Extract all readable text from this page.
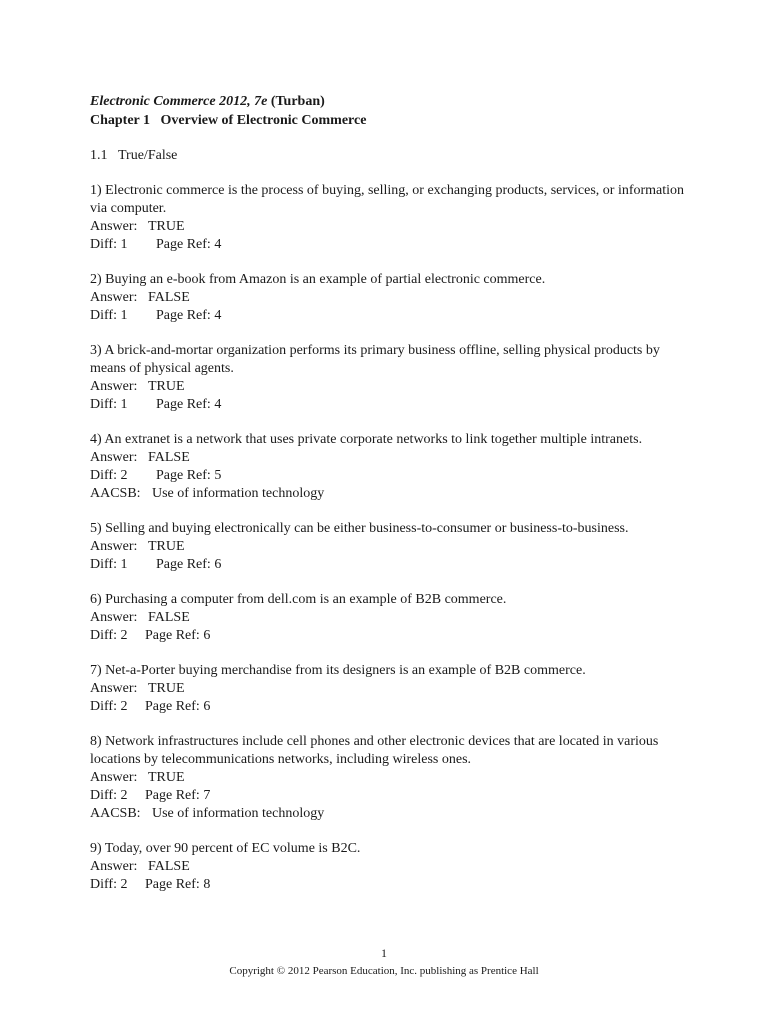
Electronic Commerce 2012, 7e (Turban)
Chapter 1   Overview of Electronic Commerce
1.1 True/False
1) Electronic commerce is the process of buying, selling, or exchanging products, services, or information via computer.
Answer: TRUE
Diff: 1 Page Ref: 4
2) Buying an e-book from Amazon is an example of partial electronic commerce.
Answer: FALSE
Diff: 1 Page Ref: 4
3) A brick-and-mortar organization performs its primary business offline, selling physical products by means of physical agents.
Answer: TRUE
Diff: 1 Page Ref: 4
4) An extranet is a network that uses private corporate networks to link together multiple intranets.
Answer: FALSE
Diff: 2 Page Ref: 5
AACSB: Use of information technology
5) Selling and buying electronically can be either business-to-consumer or business-to-business.
Answer: TRUE
Diff: 1 Page Ref: 6
6) Purchasing a computer from dell.com is an example of B2B commerce.
Answer: FALSE
Diff: 2 Page Ref: 6
7) Net-a-Porter buying merchandise from its designers is an example of B2B commerce.
Answer: TRUE
Diff: 2 Page Ref: 6
8) Network infrastructures include cell phones and other electronic devices that are located in various locations by telecommunications networks, including wireless ones.
Answer: TRUE
Diff: 2 Page Ref: 7
AACSB: Use of information technology
9) Today, over 90 percent of EC volume is B2C.
Answer: FALSE
Diff: 2 Page Ref: 8
1
Copyright © 2012 Pearson Education, Inc. publishing as Prentice Hall
